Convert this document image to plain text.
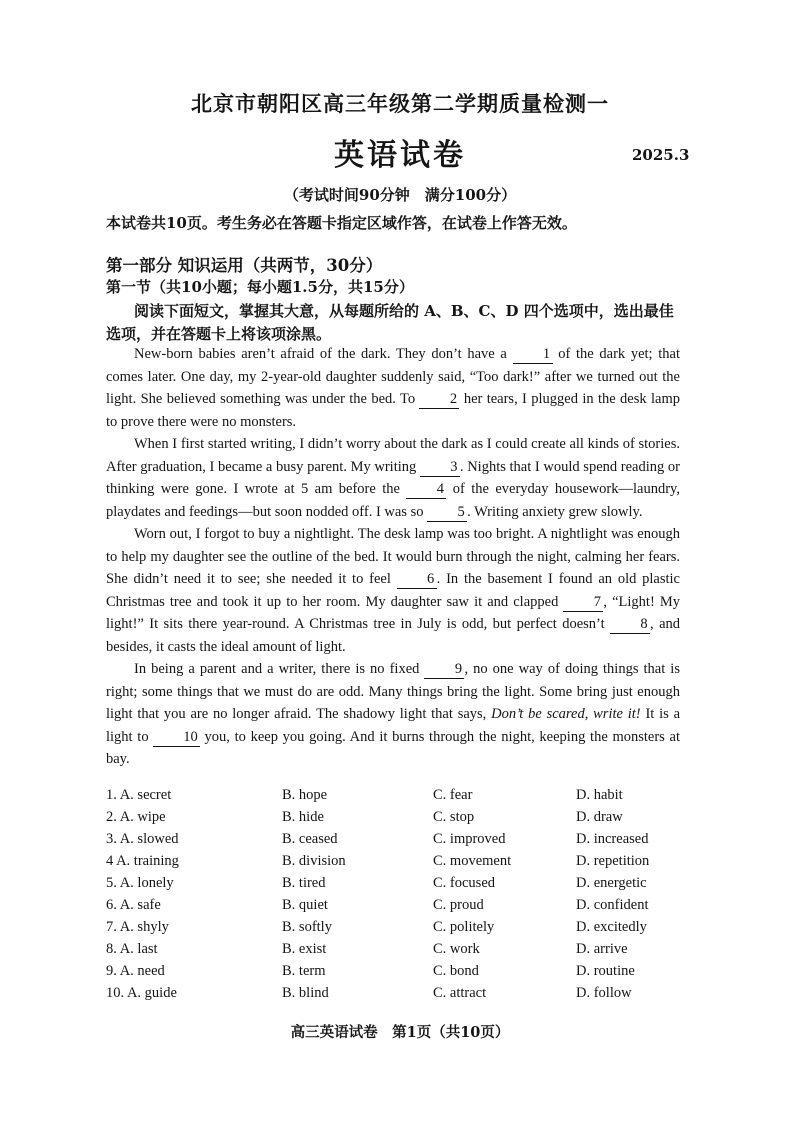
北京市朝阳区高三年级第二学期质量检测一
英语试卷	2025.3
（考试时间90分钟　满分100分）
本试卷共10页。考生务必在答题卡指定区域作答，在试卷上作答无效。
第一部分 知识运用（共两节，30分）
第一节（共10小题；每小题1.5分，共15分）
阅读下面短文，掌握其大意，从每题所给的 A、B、C、D 四个选项中，选出最佳选项，并在答题卡上将该项涂黑。

New-born babies aren’t afraid of the dark. They don’t have a 1 of the dark yet; that comes later. One day, my 2-year-old daughter suddenly said, “Too dark!” after we turned out the light. She believed something was under the bed. To 2 her tears, I plugged in the desk lamp to prove there were no monsters.

When I first started writing, I didn’t worry about the dark as I could create all kinds of stories. After graduation, I became a busy parent. My writing 3 . Nights that I would spend reading or thinking were gone. I wrote at 5 am before the 4 of the everyday housework—laundry, playdates and feedings—but soon nodded off. I was so 5 . Writing anxiety grew slowly.

Worn out, I forgot to buy a nightlight. The desk lamp was too bright. A nightlight was enough to help my daughter see the outline of the bed. It would burn through the night, calming her fears. She didn’t need it to see; she needed it to feel 6 . In the basement I found an old plastic Christmas tree and took it up to her room. My daughter saw it and clapped 7 , “Light! My light!” It sits there year-round. A Christmas tree in July is odd, but perfect doesn’t 8 , and besides, it casts the ideal amount of light.

In being a parent and a writer, there is no fixed 9 , no one way of doing things that is right; some things that we must do are odd. Many things bring the light. Some bring just enough light that you are no longer afraid. The shadowy light that says, Don’t be scared, write it! It is a light to 10 you, to keep you going. And it burns through the night, keeping the monsters at bay.

1. A. secret	B. hope	C. fear	D. habit
2. A. wipe	B. hide	C. stop	D. draw
3. A. slowed	B. ceased	C. improved	D. increased
4 A. training	B. division	C. movement	D. repetition
5. A. lonely	B. tired	C. focused	D. energetic
6. A. safe	B. quiet	C. proud	D. confident
7. A. shyly	B. softly	C. politely	D. excitedly
8. A. last	B. exist	C. work	D. arrive
9. A. need	B. term	C. bond	D. routine
10. A. guide	B. blind	C. attract	D. follow
高三英语试卷　第1页（共10页）
